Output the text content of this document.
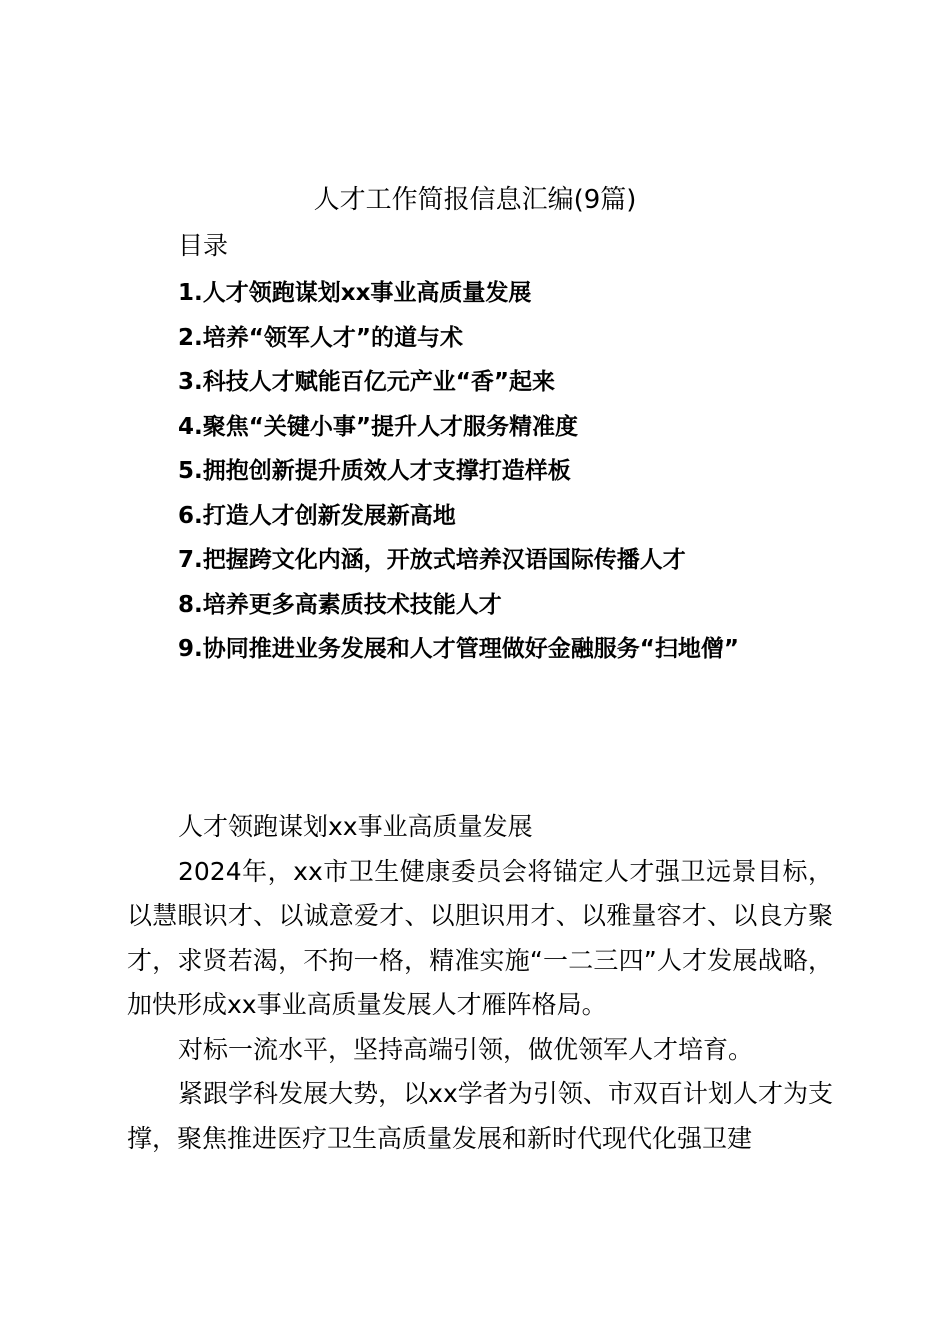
人才工作简报信息汇编(9篇)
目录
1.人才领跑谋划xx事业高质量发展
2.培养“领军人才”的道与术
3.科技人才赋能百亿元产业“香”起来
4.聚焦“关键小事”提升人才服务精准度
5.拥抱创新提升质效人才支撑打造样板
6.打造人才创新发展新高地
7.把握跨文化内涵，开放式培养汉语国际传播人才
8.培养更多高素质技术技能人才
9.协同推进业务发展和人才管理做好金融服务“扫地僧”
人才领跑谋划xx事业高质量发展

2024年，xx市卫生健康委员会将锚定人才强卫远景目标，以慧眼识才、以诚意爱才、以胆识用才、以雅量容才、以良方聚才，求贤若渴，不拘一格，精准实施“一二三四”人才发展战略，加快形成xx事业高质量发展人才雁阵格局。

对标一流水平，坚持高端引领，做优领军人才培育。

紧跟学科发展大势，以xx学者为引领、市双百计划人才为支撑，聚焦推进医疗卫生高质量发展和新时代现代化强卫建
